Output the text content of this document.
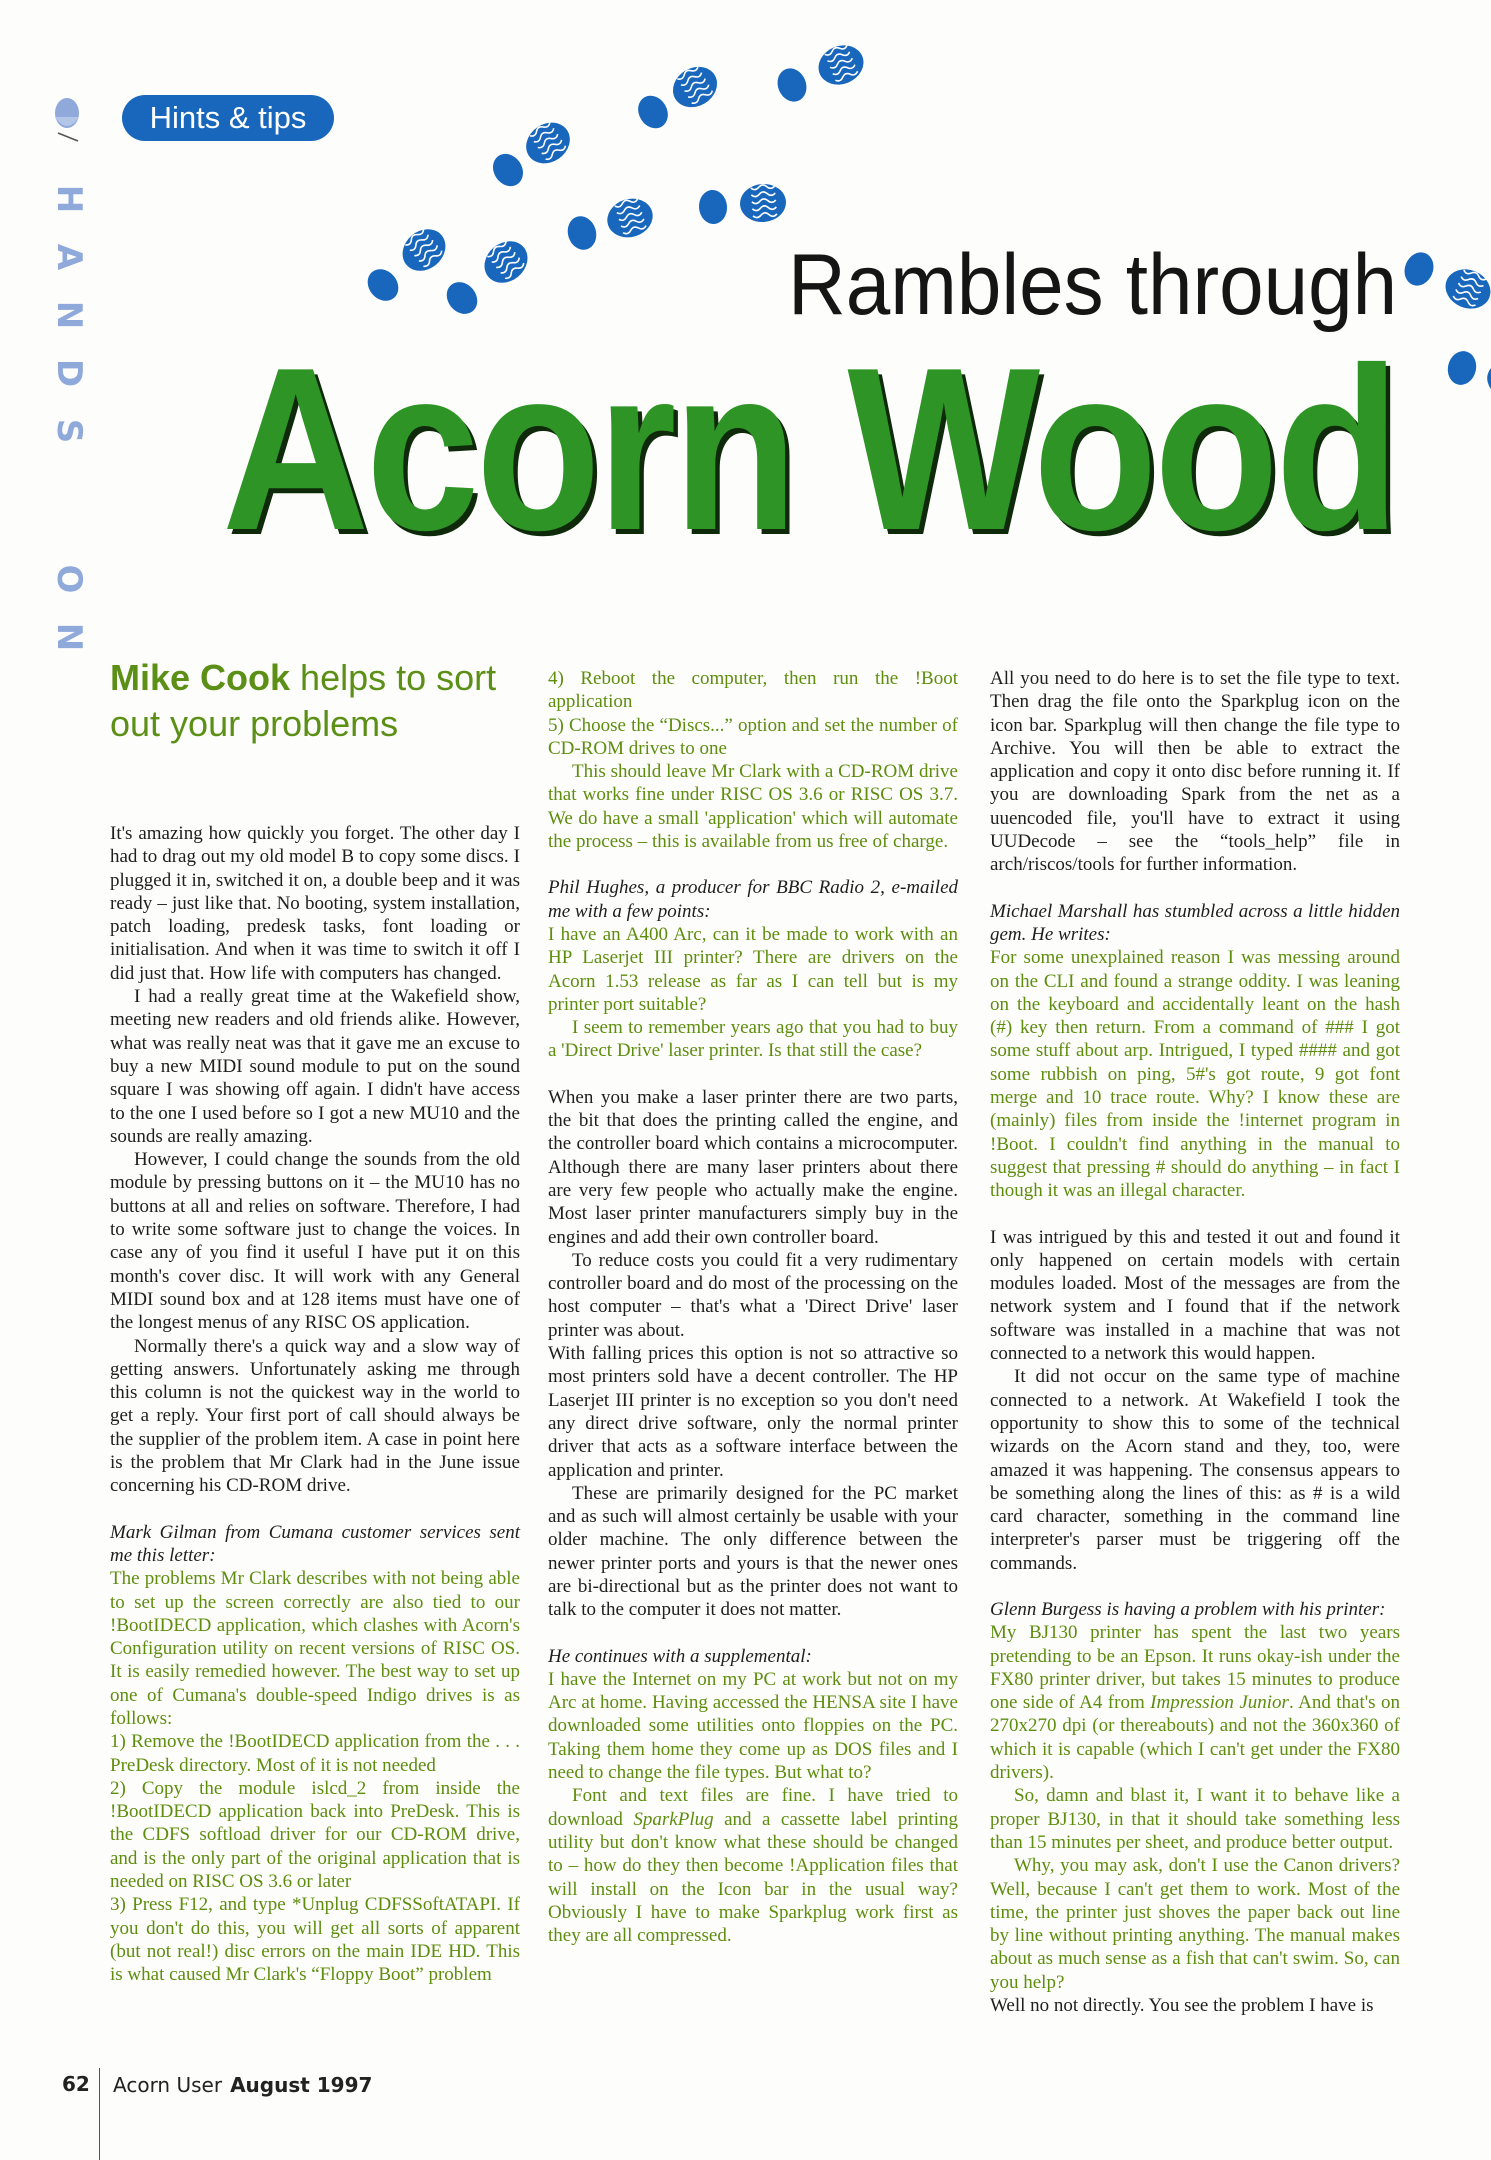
H
A
N
D
S
O
N
Hints & tips
Rambles through
Acorn Wood
Mike Cook helps to sort out your problems

It's amazing how quickly you forget. The other day I had to drag out my old model B to copy some discs. I plugged it in, switched it on, a double beep and it was ready – just like that. No booting, system installation, patch loading, predesk tasks, font loading or initialisation. And when it was time to switch it off I did just that. How life with computers has changed.

I had a really great time at the Wakefield show, meeting new readers and old friends alike. However, what was really neat was that it gave me an excuse to buy a new MIDI sound module to put on the sound square I was showing off again. I didn't have access to the one I used before so I got a new MU10 and the sounds are really amazing.

However, I could change the sounds from the old module by pressing buttons on it – the MU10 has no buttons at all and relies on software. Therefore, I had to write some software just to change the voices. In case any of you find it useful I have put it on this month's cover disc. It will work with any General MIDI sound box and at 128 items must have one of the longest menus of any RISC OS application.

Normally there's a quick way and a slow way of getting answers. Unfortunately asking me through this column is not the quickest way in the world to get a reply. Your first port of call should always be the supplier of the problem item. A case in point here is the problem that Mr Clark had in the June issue concerning his CD-ROM drive.

Mark Gilman from Cumana customer services sent me this letter:

The problems Mr Clark describes with not being able to set up the screen correctly are also tied to our !BootIDECD application, which clashes with Acorn's Configuration utility on recent versions of RISC OS. It is easily remedied however. The best way to set up one of Cumana's double-speed Indigo drives is as follows:

1) Remove the !BootIDECD application from the . . . PreDesk directory. Most of it is not needed

2) Copy the module islcd_2 from inside the !BootIDECD application back into PreDesk. This is the CDFS softload driver for our CD-ROM drive, and is the only part of the original application that is needed on RISC OS 3.6 or later

3) Press F12, and type *Unplug CDFSSoftATAPI. If you don't do this, you will get all sorts of apparent (but not real!) disc errors on the main IDE HD. This is what caused Mr Clark's “Floppy Boot” problem

4) Reboot the computer, then run the !Boot application

5) Choose the “Discs...” option and set the number of CD-ROM drives to one

This should leave Mr Clark with a CD-ROM drive that works fine under RISC OS 3.6 or RISC OS 3.7. We do have a small 'application' which will automate the process – this is available from us free of charge.

Phil Hughes, a producer for BBC Radio 2, e-mailed me with a few points:

I have an A400 Arc, can it be made to work with an HP Laserjet III printer? There are drivers on the Acorn 1.53 release as far as I can tell but is my printer port suitable?

I seem to remember years ago that you had to buy a 'Direct Drive' laser printer. Is that still the case?

When you make a laser printer there are two parts, the bit that does the printing called the engine, and the controller board which contains a microcomputer. Although there are many laser printers about there are very few people who actually make the engine. Most laser printer manufacturers simply buy in the engines and add their own controller board.

To reduce costs you could fit a very rudimentary controller board and do most of the processing on the host computer – that's what a 'Direct Drive' laser printer was about.

With falling prices this option is not so attractive so most printers sold have a decent controller. The HP Laserjet III printer is no exception so you don't need any direct drive software, only the normal printer driver that acts as a software interface between the application and printer.

These are primarily designed for the PC market and as such will almost certainly be usable with your older machine. The only difference between the newer printer ports and yours is that the newer ones are bi-directional but as the printer does not want to talk to the computer it does not matter.

He continues with a supplemental:

I have the Internet on my PC at work but not on my Arc at home. Having accessed the HENSA site I have downloaded some utilities onto floppies on the PC. Taking them home they come up as DOS files and I need to change the file types. But what to?

Font and text files are fine. I have tried to download SparkPlug and a cassette label printing utility but don't know what these should be changed to – how do they then become !Application files that will install on the Icon bar in the usual way? Obviously I have to make Sparkplug work first as they are all compressed.

All you need to do here is to set the file type to text. Then drag the file onto the Sparkplug icon on the icon bar. Sparkplug will then change the file type to Archive. You will then be able to extract the application and copy it onto disc before running it. If you are downloading Spark from the net as a uuencoded file, you'll have to extract it using UUDecode – see the “tools_help” file in arch/riscos/tools for further information.

Michael Marshall has stumbled across a little hidden gem. He writes:

For some unexplained reason I was messing around on the CLI and found a strange oddity. I was leaning on the keyboard and accidentally leant on the hash (#) key then return. From a command of ### I got some stuff about arp. Intrigued, I typed #### and got some rubbish on ping, 5#'s got route, 9 got font merge and 10 trace route. Why? I know these are (mainly) files from inside the !internet program in !Boot. I couldn't find anything in the manual to suggest that pressing # should do anything – in fact I though it was an illegal character.

I was intrigued by this and tested it out and found it only happened on certain models with certain modules loaded. Most of the messages are from the network system and I found that if the network software was installed in a machine that was not connected to a network this would happen.

It did not occur on the same type of machine connected to a network. At Wakefield I took the opportunity to show this to some of the technical wizards on the Acorn stand and they, too, were amazed it was happening. The consensus appears to be something along the lines of this: as # is a wild card character, something in the command line interpreter's parser must be triggering off the commands.

Glenn Burgess is having a problem with his printer:

My BJ130 printer has spent the last two years pretending to be an Epson. It runs okay-ish under the FX80 printer driver, but takes 15 minutes to produce one side of A4 from Impression Junior. And that's on 270x270 dpi (or thereabouts) and not the 360x360 of which it is capable (which I can't get under the FX80 drivers).

So, damn and blast it, I want it to behave like a proper BJ130, in that it should take something less than 15 minutes per sheet, and produce better output.

Why, you may ask, don't I use the Canon drivers? Well, because I can't get them to work. Most of the time, the printer just shoves the paper back out line by line without printing anything. The manual makes about as much sense as a fish that can't swim. So, can you help?

Well no not directly. You see the problem I have is

62 Acorn User August 1997
